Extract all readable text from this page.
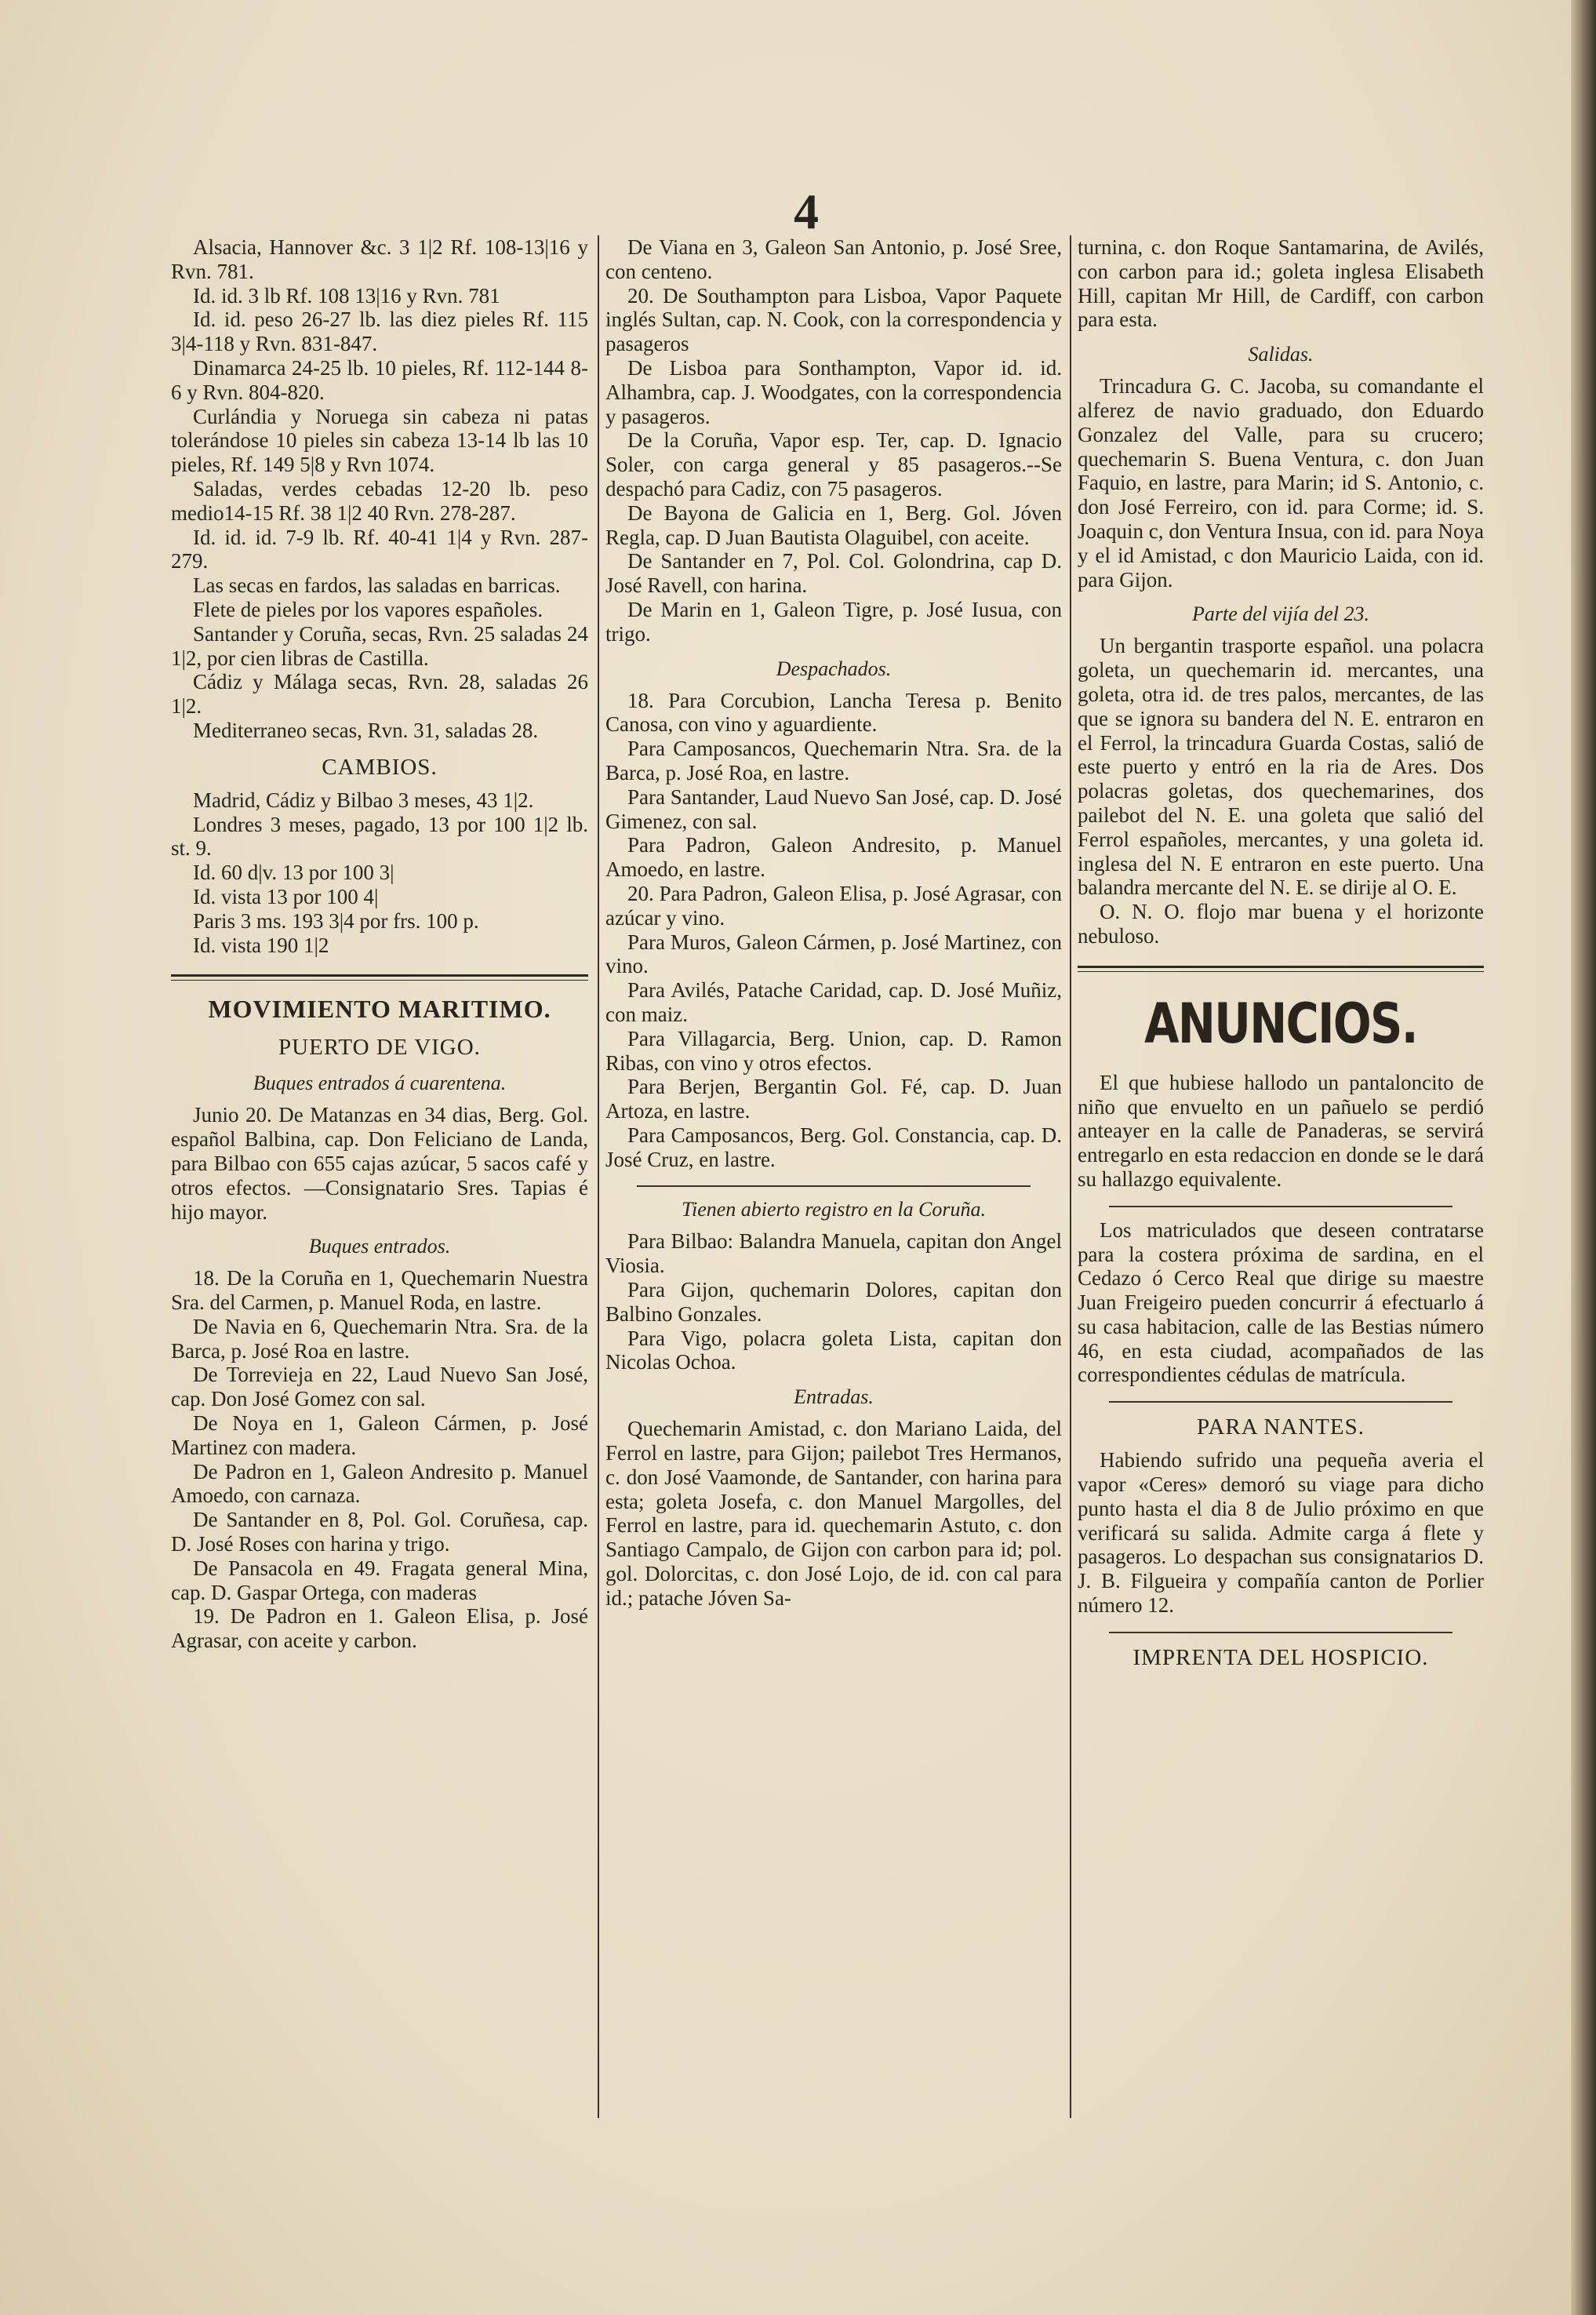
4

Alsacia, Hannover &c. 3 1|2 Rf. 108-13|16 y Rvn. 781.

Id. id. 3 lb Rf. 108 13|16 y Rvn. 781

Id. id. peso 26-27 lb. las diez pieles Rf. 115 3|4-118 y Rvn. 831-847.

Dinamarca 24-25 lb. 10 pieles, Rf. 112-144 8-6 y Rvn. 804-820.

Curlándia y Noruega sin cabeza ni patas tolerándose 10 pieles sin cabeza 13-14 lb las 10 pieles, Rf. 149 5|8 y Rvn 1074.

Saladas, verdes cebadas 12-20 lb. peso medio14-15 Rf. 38 1|2 40 Rvn. 278-287.

Id. id. id. 7-9 lb. Rf. 40-41 1|4 y Rvn. 287-279.

Las secas en fardos, las saladas en barricas.

Flete de pieles por los vapores españoles.

Santander y Coruña, secas, Rvn. 25 saladas 24 1|2, por cien libras de Castilla.

Cádiz y Málaga secas, Rvn. 28, saladas 26 1|2.

Mediterraneo secas, Rvn. 31, saladas 28.

CAMBIOS.

Madrid, Cádiz y Bilbao 3 meses, 43 1|2.

Londres 3 meses, pagado, 13 por 100 1|2 lb. st. 9.

Id. 60 d|v. 13 por 100 3|

Id. vista 13 por 100 4|

Paris 3 ms. 193 3|4 por frs. 100 p.

Id. vista 190 1|2

MOVIMIENTO MARITIMO.
PUERTO DE VIGO.
Buques entrados á cuarentena.

Junio 20. De Matanzas en 34 dias, Berg. Gol. español Balbina, cap. Don Feliciano de Landa, para Bilbao con 655 cajas azúcar, 5 sacos café y otros efectos. —Consignatario Sres. Tapias é hijo mayor.

Buques entrados.

18. De la Coruña en 1, Quechemarin Nuestra Sra. del Carmen, p. Manuel Roda, en lastre.

De Navia en 6, Quechemarin Ntra. Sra. de la Barca, p. José Roa en lastre.

De Torrevieja en 22, Laud Nuevo San José, cap. Don José Gomez con sal.

De Noya en 1, Galeon Cármen, p. José Martinez con madera.

De Padron en 1, Galeon Andresito p. Manuel Amoedo, con carnaza.

De Santander en 8, Pol. Gol. Coruñesa, cap. D. José Roses con harina y trigo.

De Pansacola en 49. Fragata general Mina, cap. D. Gaspar Ortega, con maderas

19. De Padron en 1. Galeon Elisa, p. José Agrasar, con aceite y carbon.

De Viana en 3, Galeon San Antonio, p. José Sree, con centeno.

20. De Southampton para Lisboa, Vapor Paquete inglés Sultan, cap. N. Cook, con la correspondencia y pasageros

De Lisboa para Sonthampton, Vapor id. id. Alhambra, cap. J. Woodgates, con la correspondencia y pasageros.

De la Coruña, Vapor esp. Ter, cap. D. Ignacio Soler, con carga general y 85 pasageros.--Se despachó para Cadiz, con 75 pasageros.

De Bayona de Galicia en 1, Berg. Gol. Jóven Regla, cap. D Juan Bautista Olaguibel, con aceite.

De Santander en 7, Pol. Col. Golondrina, cap D. José Ravell, con harina.

De Marin en 1, Galeon Tigre, p. José Iusua, con trigo.

Despachados.

18. Para Corcubion, Lancha Teresa p. Benito Canosa, con vino y aguardiente.

Para Camposancos, Quechemarin Ntra. Sra. de la Barca, p. José Roa, en lastre.

Para Santander, Laud Nuevo San José, cap. D. José Gimenez, con sal.

Para Padron, Galeon Andresito, p. Manuel Amoedo, en lastre.

20. Para Padron, Galeon Elisa, p. José Agrasar, con azúcar y vino.

Para Muros, Galeon Cármen, p. José Martinez, con vino.

Para Avilés, Patache Caridad, cap. D. José Muñiz, con maiz.

Para Villagarcia, Berg. Union, cap. D. Ramon Ribas, con vino y otros efectos.

Para Berjen, Bergantin Gol. Fé, cap. D. Juan Artoza, en lastre.

Para Camposancos, Berg. Gol. Constancia, cap. D. José Cruz, en lastre.

Tienen abierto registro en la Coruña.

Para Bilbao: Balandra Manuela, capitan don Angel Viosia.

Para Gijon, quchemarin Dolores, capitan don Balbino Gonzales.

Para Vigo, polacra goleta Lista, capitan don Nicolas Ochoa.

Entradas.

Quechemarin Amistad, c. don Mariano Laida, del Ferrol en lastre, para Gijon; pailebot Tres Hermanos, c. don José Vaamonde, de Santander, con harina para esta; goleta Josefa, c. don Manuel Margolles, del Ferrol en lastre, para id. quechemarin Astuto, c. don Santiago Campalo, de Gijon con carbon para id; pol. gol. Dolorcitas, c. don José Lojo, de id. con cal para id.; patache Jóven Sa-

turnina, c. don Roque Santamarina, de Avilés, con carbon para id.; goleta inglesa Elisabeth Hill, capitan Mr Hill, de Cardiff, con carbon para esta.

Salidas.

Trincadura G. C. Jacoba, su comandante el alferez de navio graduado, don Eduardo Gonzalez del Valle, para su crucero; quechemarin S. Buena Ventura, c. don Juan Faquio, en lastre, para Marin; id S. Antonio, c. don José Ferreiro, con id. para Corme; id. S. Joaquin c, don Ventura Insua, con id. para Noya y el id Amistad, c don Mauricio Laida, con id. para Gijon.

Parte del vijía del 23.

Un bergantin trasporte español. una polacra goleta, un quechemarin id. mercantes, una goleta, otra id. de tres palos, mercantes, de las que se ignora su bandera del N. E. entraron en el Ferrol, la trincadura Guarda Costas, salió de este puerto y entró en la ria de Ares. Dos polacras goletas, dos quechemarines, dos pailebot del N. E. una goleta que salió del Ferrol españoles, mercantes, y una goleta id. inglesa del N. E entraron en este puerto. Una balandra mercante del N. E. se dirije al O. E.

O. N. O. flojo mar buena y el horizonte nebuloso.

ANUNCIOS.

El que hubiese hallodo un pantaloncito de niño que envuelto en un pañuelo se perdió anteayer en la calle de Panaderas, se servirá entregarlo en esta redaccion en donde se le dará su hallazgo equivalente.

Los matriculados que deseen contratarse para la costera próxima de sardina, en el Cedazo ó Cerco Real que dirige su maestre Juan Freigeiro pueden concurrir á efectuarlo á su casa habitacion, calle de las Bestias número 46, en esta ciudad, acompañados de las correspondientes cédulas de matrícula.

PARA NANTES.

Habiendo sufrido una pequeña averia el vapor «Ceres» demoró su viage para dicho punto hasta el dia 8 de Julio próximo en que verificará su salida. Admite carga á flete y pasageros. Lo despachan sus consignatarios D. J. B. Filgueira y compañía canton de Porlier número 12.

IMPRENTA DEL HOSPICIO.
